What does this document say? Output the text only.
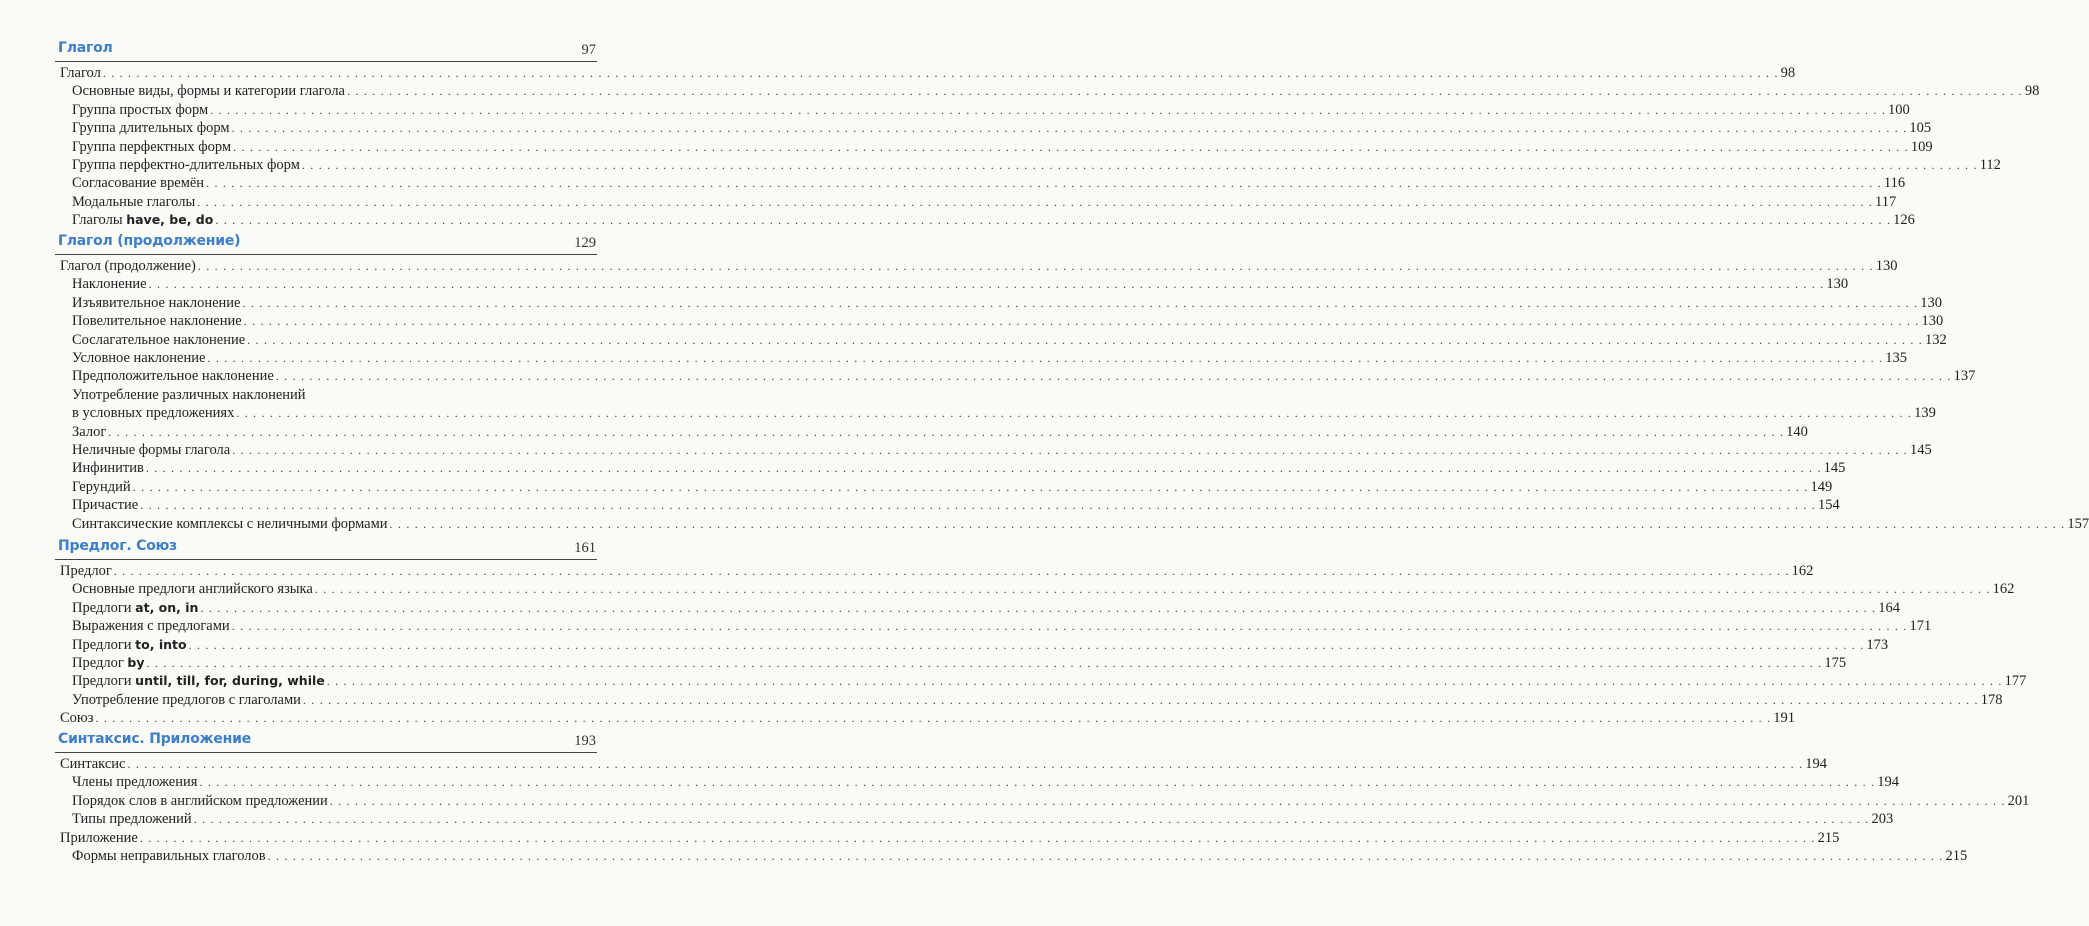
Глагол	97
Глагол . . . . . . . . . . . . . . . . . . . . . . . . . . . . . . . . . . . . . . . . . . . . . . . . . . . . . . . . . . . . . . . . . . . . . . . . . . . . . . . . . . . . . . . . . . . . . . . . . . . . . . . . . . . . . . . . . . . . . . . . . . . . . . . . . . . . . . . . . . . . . . . . . . . . . . . . . . . . . . . . . . . . . . . . . . . . . . . . . . . . . . . . . . . . . . . . . . . . . . . . 98
Основные виды, формы и категории глагола . . . . . . . . . . . . . . . . . . . . . . . . . . . . . . . . . . . . . . . . . . . . . . . . . . . . . . . . . . . . . . . . . . . . . . . . . . . . . . . . . . . . . . . . . . . . . . . . . . . . . . . . . . . . . . . . . . . . . . . . . . . . . . . . . . . . . . . . . . . . . . . . . . . . . . . . . . . . . . . . . . . . . . . . . . . . . . . . . . . . . . . . . . . . . . . . . . . . . . . . 98
Группа простых форм . . . . . . . . . . . . . . . . . . . . . . . . . . . . . . . . . . . . . . . . . . . . . . . . . . . . . . . . . . . . . . . . . . . . . . . . . . . . . . . . . . . . . . . . . . . . . . . . . . . . . . . . . . . . . . . . . . . . . . . . . . . . . . . . . . . . . . . . . . . . . . . . . . . . . . . . . . . . . . . . . . . . . . . . . . . . . . . . . . . . . . . . . . . . . . . . . . . . . . . . 100
Группа длительных форм . . . . . . . . . . . . . . . . . . . . . . . . . . . . . . . . . . . . . . . . . . . . . . . . . . . . . . . . . . . . . . . . . . . . . . . . . . . . . . . . . . . . . . . . . . . . . . . . . . . . . . . . . . . . . . . . . . . . . . . . . . . . . . . . . . . . . . . . . . . . . . . . . . . . . . . . . . . . . . . . . . . . . . . . . . . . . . . . . . . . . . . . . . . . . . . . . . . . . . . . 105
Группа перфектных форм . . . . . . . . . . . . . . . . . . . . . . . . . . . . . . . . . . . . . . . . . . . . . . . . . . . . . . . . . . . . . . . . . . . . . . . . . . . . . . . . . . . . . . . . . . . . . . . . . . . . . . . . . . . . . . . . . . . . . . . . . . . . . . . . . . . . . . . . . . . . . . . . . . . . . . . . . . . . . . . . . . . . . . . . . . . . . . . . . . . . . . . . . . . . . . . . . . . . . . . . 109
Группа перфектно-длительных форм . . . . . . . . . . . . . . . . . . . . . . . . . . . . . . . . . . . . . . . . . . . . . . . . . . . . . . . . . . . . . . . . . . . . . . . . . . . . . . . . . . . . . . . . . . . . . . . . . . . . . . . . . . . . . . . . . . . . . . . . . . . . . . . . . . . . . . . . . . . . . . . . . . . . . . . . . . . . . . . . . . . . . . . . . . . . . . . . . . . . . . . . . . . . . . . . . . . . . . . . 112
Согласование времён . . . . . . . . . . . . . . . . . . . . . . . . . . . . . . . . . . . . . . . . . . . . . . . . . . . . . . . . . . . . . . . . . . . . . . . . . . . . . . . . . . . . . . . . . . . . . . . . . . . . . . . . . . . . . . . . . . . . . . . . . . . . . . . . . . . . . . . . . . . . . . . . . . . . . . . . . . . . . . . . . . . . . . . . . . . . . . . . . . . . . . . . . . . . . . . . . . . . . . . . 116
Модальные глаголы . . . . . . . . . . . . . . . . . . . . . . . . . . . . . . . . . . . . . . . . . . . . . . . . . . . . . . . . . . . . . . . . . . . . . . . . . . . . . . . . . . . . . . . . . . . . . . . . . . . . . . . . . . . . . . . . . . . . . . . . . . . . . . . . . . . . . . . . . . . . . . . . . . . . . . . . . . . . . . . . . . . . . . . . . . . . . . . . . . . . . . . . . . . . . . . . . . . . . . . . 117
Глаголы have, be, do . . . . . . . . . . . . . . . . . . . . . . . . . . . . . . . . . . . . . . . . . . . . . . . . . . . . . . . . . . . . . . . . . . . . . . . . . . . . . . . . . . . . . . . . . . . . . . . . . . . . . . . . . . . . . . . . . . . . . . . . . . . . . . . . . . . . . . . . . . . . . . . . . . . . . . . . . . . . . . . . . . . . . . . . . . . . . . . . . . . . . . . . . . . . . . . . . . . . . . . . 126
Глагол (продолжение)	129
Глагол (продолжение) . . . . . . . . . . . . . . . . . . . . . . . . . . . . . . . . . . . . . . . . . . . . . . . . . . . . . . . . . . . . . . . . . . . . . . . . . . . . . . . . . . . . . . . . . . . . . . . . . . . . . . . . . . . . . . . . . . . . . . . . . . . . . . . . . . . . . . . . . . . . . . . . . . . . . . . . . . . . . . . . . . . . . . . . . . . . . . . . . . . . . . . . . . . . . . . . . . . . . . . . 130
Наклонение . . . . . . . . . . . . . . . . . . . . . . . . . . . . . . . . . . . . . . . . . . . . . . . . . . . . . . . . . . . . . . . . . . . . . . . . . . . . . . . . . . . . . . . . . . . . . . . . . . . . . . . . . . . . . . . . . . . . . . . . . . . . . . . . . . . . . . . . . . . . . . . . . . . . . . . . . . . . . . . . . . . . . . . . . . . . . . . . . . . . . . . . . . . . . . . . . . . . . . . . 130
Изъявительное наклонение . . . . . . . . . . . . . . . . . . . . . . . . . . . . . . . . . . . . . . . . . . . . . . . . . . . . . . . . . . . . . . . . . . . . . . . . . . . . . . . . . . . . . . . . . . . . . . . . . . . . . . . . . . . . . . . . . . . . . . . . . . . . . . . . . . . . . . . . . . . . . . . . . . . . . . . . . . . . . . . . . . . . . . . . . . . . . . . . . . . . . . . . . . . . . . . . . . . . . . . . 130
Повелительное наклонение . . . . . . . . . . . . . . . . . . . . . . . . . . . . . . . . . . . . . . . . . . . . . . . . . . . . . . . . . . . . . . . . . . . . . . . . . . . . . . . . . . . . . . . . . . . . . . . . . . . . . . . . . . . . . . . . . . . . . . . . . . . . . . . . . . . . . . . . . . . . . . . . . . . . . . . . . . . . . . . . . . . . . . . . . . . . . . . . . . . . . . . . . . . . . . . . . . . . . . . . 130
Сослагательное наклонение . . . . . . . . . . . . . . . . . . . . . . . . . . . . . . . . . . . . . . . . . . . . . . . . . . . . . . . . . . . . . . . . . . . . . . . . . . . . . . . . . . . . . . . . . . . . . . . . . . . . . . . . . . . . . . . . . . . . . . . . . . . . . . . . . . . . . . . . . . . . . . . . . . . . . . . . . . . . . . . . . . . . . . . . . . . . . . . . . . . . . . . . . . . . . . . . . . . . . . . . 132
Условное наклонение . . . . . . . . . . . . . . . . . . . . . . . . . . . . . . . . . . . . . . . . . . . . . . . . . . . . . . . . . . . . . . . . . . . . . . . . . . . . . . . . . . . . . . . . . . . . . . . . . . . . . . . . . . . . . . . . . . . . . . . . . . . . . . . . . . . . . . . . . . . . . . . . . . . . . . . . . . . . . . . . . . . . . . . . . . . . . . . . . . . . . . . . . . . . . . . . . . . . . . . . 135
Предположительное наклонение . . . . . . . . . . . . . . . . . . . . . . . . . . . . . . . . . . . . . . . . . . . . . . . . . . . . . . . . . . . . . . . . . . . . . . . . . . . . . . . . . . . . . . . . . . . . . . . . . . . . . . . . . . . . . . . . . . . . . . . . . . . . . . . . . . . . . . . . . . . . . . . . . . . . . . . . . . . . . . . . . . . . . . . . . . . . . . . . . . . . . . . . . . . . . . . . . . . . . . . . 137
Употребление различных наклонений
в условных предложениях . . . . . . . . . . . . . . . . . . . . . . . . . . . . . . . . . . . . . . . . . . . . . . . . . . . . . . . . . . . . . . . . . . . . . . . . . . . . . . . . . . . . . . . . . . . . . . . . . . . . . . . . . . . . . . . . . . . . . . . . . . . . . . . . . . . . . . . . . . . . . . . . . . . . . . . . . . . . . . . . . . . . . . . . . . . . . . . . . . . . . . . . . . . . . . . . . . . . . . . . 139
Залог . . . . . . . . . . . . . . . . . . . . . . . . . . . . . . . . . . . . . . . . . . . . . . . . . . . . . . . . . . . . . . . . . . . . . . . . . . . . . . . . . . . . . . . . . . . . . . . . . . . . . . . . . . . . . . . . . . . . . . . . . . . . . . . . . . . . . . . . . . . . . . . . . . . . . . . . . . . . . . . . . . . . . . . . . . . . . . . . . . . . . . . . . . . . . . . . . . . . . . . . 140
Неличные формы глагола . . . . . . . . . . . . . . . . . . . . . . . . . . . . . . . . . . . . . . . . . . . . . . . . . . . . . . . . . . . . . . . . . . . . . . . . . . . . . . . . . . . . . . . . . . . . . . . . . . . . . . . . . . . . . . . . . . . . . . . . . . . . . . . . . . . . . . . . . . . . . . . . . . . . . . . . . . . . . . . . . . . . . . . . . . . . . . . . . . . . . . . . . . . . . . . . . . . . . . . . 145
Инфинитив . . . . . . . . . . . . . . . . . . . . . . . . . . . . . . . . . . . . . . . . . . . . . . . . . . . . . . . . . . . . . . . . . . . . . . . . . . . . . . . . . . . . . . . . . . . . . . . . . . . . . . . . . . . . . . . . . . . . . . . . . . . . . . . . . . . . . . . . . . . . . . . . . . . . . . . . . . . . . . . . . . . . . . . . . . . . . . . . . . . . . . . . . . . . . . . . . . . . . . . . 145
Герундий . . . . . . . . . . . . . . . . . . . . . . . . . . . . . . . . . . . . . . . . . . . . . . . . . . . . . . . . . . . . . . . . . . . . . . . . . . . . . . . . . . . . . . . . . . . . . . . . . . . . . . . . . . . . . . . . . . . . . . . . . . . . . . . . . . . . . . . . . . . . . . . . . . . . . . . . . . . . . . . . . . . . . . . . . . . . . . . . . . . . . . . . . . . . . . . . . . . . . . . . 149
Причастие . . . . . . . . . . . . . . . . . . . . . . . . . . . . . . . . . . . . . . . . . . . . . . . . . . . . . . . . . . . . . . . . . . . . . . . . . . . . . . . . . . . . . . . . . . . . . . . . . . . . . . . . . . . . . . . . . . . . . . . . . . . . . . . . . . . . . . . . . . . . . . . . . . . . . . . . . . . . . . . . . . . . . . . . . . . . . . . . . . . . . . . . . . . . . . . . . . . . . . . . 154
Синтаксические комплексы с неличными формами . . . . . . . . . . . . . . . . . . . . . . . . . . . . . . . . . . . . . . . . . . . . . . . . . . . . . . . . . . . . . . . . . . . . . . . . . . . . . . . . . . . . . . . . . . . . . . . . . . . . . . . . . . . . . . . . . . . . . . . . . . . . . . . . . . . . . . . . . . . . . . . . . . . . . . . . . . . . . . . . . . . . . . . . . . . . . . . . . . . . . . . . . . . . . . . . . . . . . . . . 157
Предлог. Союз	161
Предлог . . . . . . . . . . . . . . . . . . . . . . . . . . . . . . . . . . . . . . . . . . . . . . . . . . . . . . . . . . . . . . . . . . . . . . . . . . . . . . . . . . . . . . . . . . . . . . . . . . . . . . . . . . . . . . . . . . . . . . . . . . . . . . . . . . . . . . . . . . . . . . . . . . . . . . . . . . . . . . . . . . . . . . . . . . . . . . . . . . . . . . . . . . . . . . . . . . . . . . . . 162
Основные предлоги английского языка . . . . . . . . . . . . . . . . . . . . . . . . . . . . . . . . . . . . . . . . . . . . . . . . . . . . . . . . . . . . . . . . . . . . . . . . . . . . . . . . . . . . . . . . . . . . . . . . . . . . . . . . . . . . . . . . . . . . . . . . . . . . . . . . . . . . . . . . . . . . . . . . . . . . . . . . . . . . . . . . . . . . . . . . . . . . . . . . . . . . . . . . . . . . . . . . . . . . . . . . 162
Предлоги at, on, in . . . . . . . . . . . . . . . . . . . . . . . . . . . . . . . . . . . . . . . . . . . . . . . . . . . . . . . . . . . . . . . . . . . . . . . . . . . . . . . . . . . . . . . . . . . . . . . . . . . . . . . . . . . . . . . . . . . . . . . . . . . . . . . . . . . . . . . . . . . . . . . . . . . . . . . . . . . . . . . . . . . . . . . . . . . . . . . . . . . . . . . . . . . . . . . . . . . . . . . . 164
Выражения с предлогами . . . . . . . . . . . . . . . . . . . . . . . . . . . . . . . . . . . . . . . . . . . . . . . . . . . . . . . . . . . . . . . . . . . . . . . . . . . . . . . . . . . . . . . . . . . . . . . . . . . . . . . . . . . . . . . . . . . . . . . . . . . . . . . . . . . . . . . . . . . . . . . . . . . . . . . . . . . . . . . . . . . . . . . . . . . . . . . . . . . . . . . . . . . . . . . . . . . . . . . . 171
Предлоги to, into . . . . . . . . . . . . . . . . . . . . . . . . . . . . . . . . . . . . . . . . . . . . . . . . . . . . . . . . . . . . . . . . . . . . . . . . . . . . . . . . . . . . . . . . . . . . . . . . . . . . . . . . . . . . . . . . . . . . . . . . . . . . . . . . . . . . . . . . . . . . . . . . . . . . . . . . . . . . . . . . . . . . . . . . . . . . . . . . . . . . . . . . . . . . . . . . . . . . . . . . 173
Предлог by . . . . . . . . . . . . . . . . . . . . . . . . . . . . . . . . . . . . . . . . . . . . . . . . . . . . . . . . . . . . . . . . . . . . . . . . . . . . . . . . . . . . . . . . . . . . . . . . . . . . . . . . . . . . . . . . . . . . . . . . . . . . . . . . . . . . . . . . . . . . . . . . . . . . . . . . . . . . . . . . . . . . . . . . . . . . . . . . . . . . . . . . . . . . . . . . . . . . . . . . 175
Предлоги until, till, for, during, while . . . . . . . . . . . . . . . . . . . . . . . . . . . . . . . . . . . . . . . . . . . . . . . . . . . . . . . . . . . . . . . . . . . . . . . . . . . . . . . . . . . . . . . . . . . . . . . . . . . . . . . . . . . . . . . . . . . . . . . . . . . . . . . . . . . . . . . . . . . . . . . . . . . . . . . . . . . . . . . . . . . . . . . . . . . . . . . . . . . . . . . . . . . . . . . . . . . . . . . . 177
Употребление предлогов с глаголами . . . . . . . . . . . . . . . . . . . . . . . . . . . . . . . . . . . . . . . . . . . . . . . . . . . . . . . . . . . . . . . . . . . . . . . . . . . . . . . . . . . . . . . . . . . . . . . . . . . . . . . . . . . . . . . . . . . . . . . . . . . . . . . . . . . . . . . . . . . . . . . . . . . . . . . . . . . . . . . . . . . . . . . . . . . . . . . . . . . . . . . . . . . . . . . . . . . . . . . . 178
Союз . . . . . . . . . . . . . . . . . . . . . . . . . . . . . . . . . . . . . . . . . . . . . . . . . . . . . . . . . . . . . . . . . . . . . . . . . . . . . . . . . . . . . . . . . . . . . . . . . . . . . . . . . . . . . . . . . . . . . . . . . . . . . . . . . . . . . . . . . . . . . . . . . . . . . . . . . . . . . . . . . . . . . . . . . . . . . . . . . . . . . . . . . . . . . . . . . . . . . . . . 191
Синтаксис. Приложение	193
Синтаксис . . . . . . . . . . . . . . . . . . . . . . . . . . . . . . . . . . . . . . . . . . . . . . . . . . . . . . . . . . . . . . . . . . . . . . . . . . . . . . . . . . . . . . . . . . . . . . . . . . . . . . . . . . . . . . . . . . . . . . . . . . . . . . . . . . . . . . . . . . . . . . . . . . . . . . . . . . . . . . . . . . . . . . . . . . . . . . . . . . . . . . . . . . . . . . . . . . . . . . . . 194
Члены предложения . . . . . . . . . . . . . . . . . . . . . . . . . . . . . . . . . . . . . . . . . . . . . . . . . . . . . . . . . . . . . . . . . . . . . . . . . . . . . . . . . . . . . . . . . . . . . . . . . . . . . . . . . . . . . . . . . . . . . . . . . . . . . . . . . . . . . . . . . . . . . . . . . . . . . . . . . . . . . . . . . . . . . . . . . . . . . . . . . . . . . . . . . . . . . . . . . . . . . . . . 194
Порядок слов в английском предложении . . . . . . . . . . . . . . . . . . . . . . . . . . . . . . . . . . . . . . . . . . . . . . . . . . . . . . . . . . . . . . . . . . . . . . . . . . . . . . . . . . . . . . . . . . . . . . . . . . . . . . . . . . . . . . . . . . . . . . . . . . . . . . . . . . . . . . . . . . . . . . . . . . . . . . . . . . . . . . . . . . . . . . . . . . . . . . . . . . . . . . . . . . . . . . . . . . . . . . . . 201
Типы предложений . . . . . . . . . . . . . . . . . . . . . . . . . . . . . . . . . . . . . . . . . . . . . . . . . . . . . . . . . . . . . . . . . . . . . . . . . . . . . . . . . . . . . . . . . . . . . . . . . . . . . . . . . . . . . . . . . . . . . . . . . . . . . . . . . . . . . . . . . . . . . . . . . . . . . . . . . . . . . . . . . . . . . . . . . . . . . . . . . . . . . . . . . . . . . . . . . . . . . . . . 203
Приложение . . . . . . . . . . . . . . . . . . . . . . . . . . . . . . . . . . . . . . . . . . . . . . . . . . . . . . . . . . . . . . . . . . . . . . . . . . . . . . . . . . . . . . . . . . . . . . . . . . . . . . . . . . . . . . . . . . . . . . . . . . . . . . . . . . . . . . . . . . . . . . . . . . . . . . . . . . . . . . . . . . . . . . . . . . . . . . . . . . . . . . . . . . . . . . . . . . . . . . . . 215
Формы неправильных глаголов . . . . . . . . . . . . . . . . . . . . . . . . . . . . . . . . . . . . . . . . . . . . . . . . . . . . . . . . . . . . . . . . . . . . . . . . . . . . . . . . . . . . . . . . . . . . . . . . . . . . . . . . . . . . . . . . . . . . . . . . . . . . . . . . . . . . . . . . . . . . . . . . . . . . . . . . . . . . . . . . . . . . . . . . . . . . . . . . . . . . . . . . . . . . . . . . . . . . . . . . 215
